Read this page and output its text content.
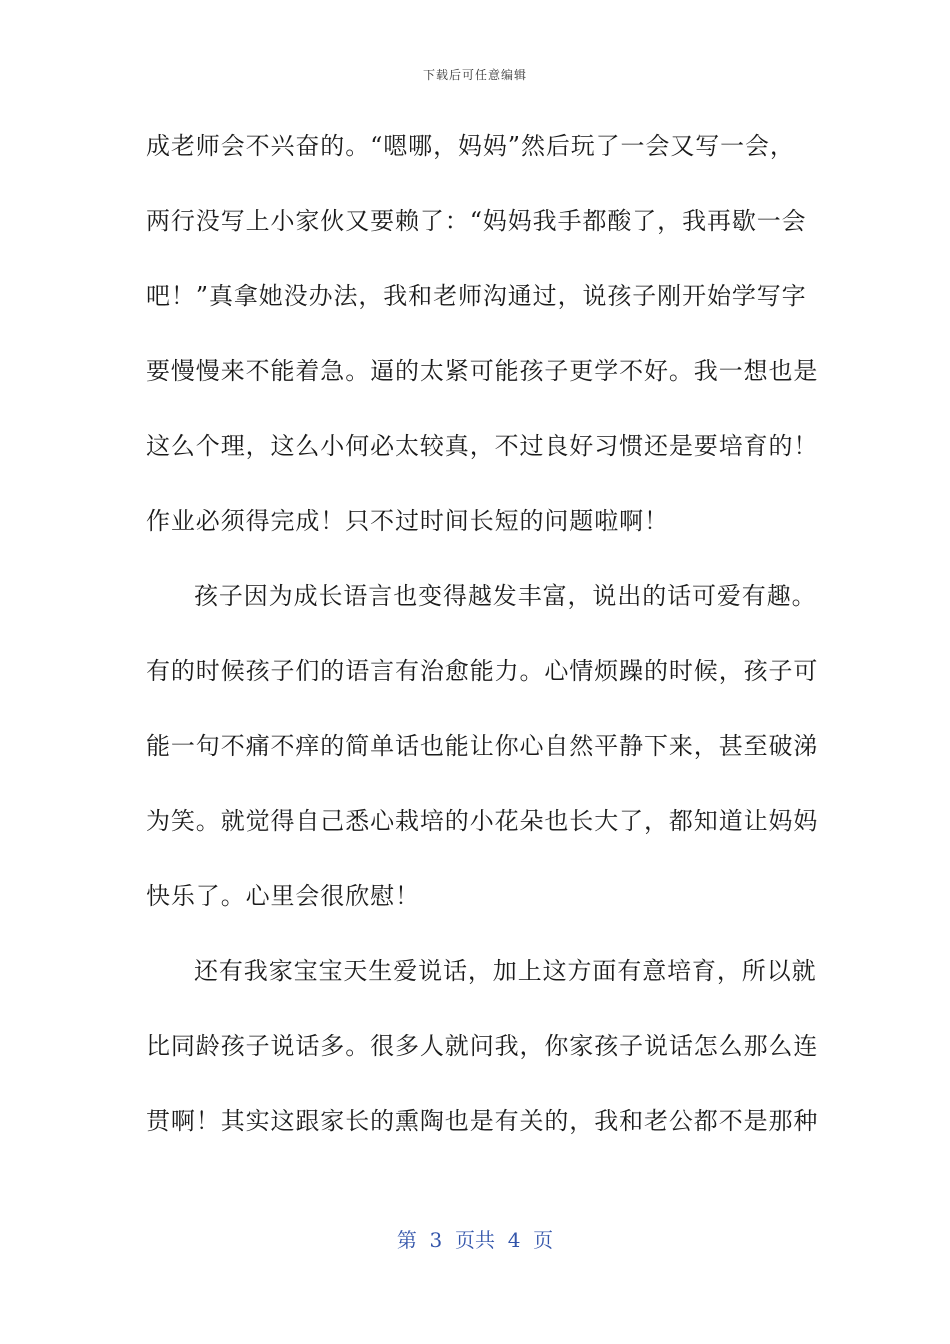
下载后可任意编辑
成老师会不兴奋的。“嗯哪，妈妈”然后玩了一会又写一会，
两行没写上小家伙又要赖了：“妈妈我手都酸了，我再歇一会
吧！”真拿她没办法，我和老师沟通过，说孩子刚开始学写字
要慢慢来不能着急。逼的太紧可能孩子更学不好。我一想也是
这么个理，这么小何必太较真，不过良好习惯还是要培育的！
作业必须得完成！只不过时间长短的问题啦啊！
孩子因为成长语言也变得越发丰富，说出的话可爱有趣。
有的时候孩子们的语言有治愈能力。心情烦躁的时候，孩子可
能一句不痛不痒的简单话也能让你心自然平静下来，甚至破涕
为笑。就觉得自己悉心栽培的小花朵也长大了，都知道让妈妈
快乐了。心里会很欣慰！
还有我家宝宝天生爱说话，加上这方面有意培育，所以就
比同龄孩子说话多。很多人就问我，你家孩子说话怎么那么连
贯啊！其实这跟家长的熏陶也是有关的，我和老公都不是那种
第  3  页共  4  页
